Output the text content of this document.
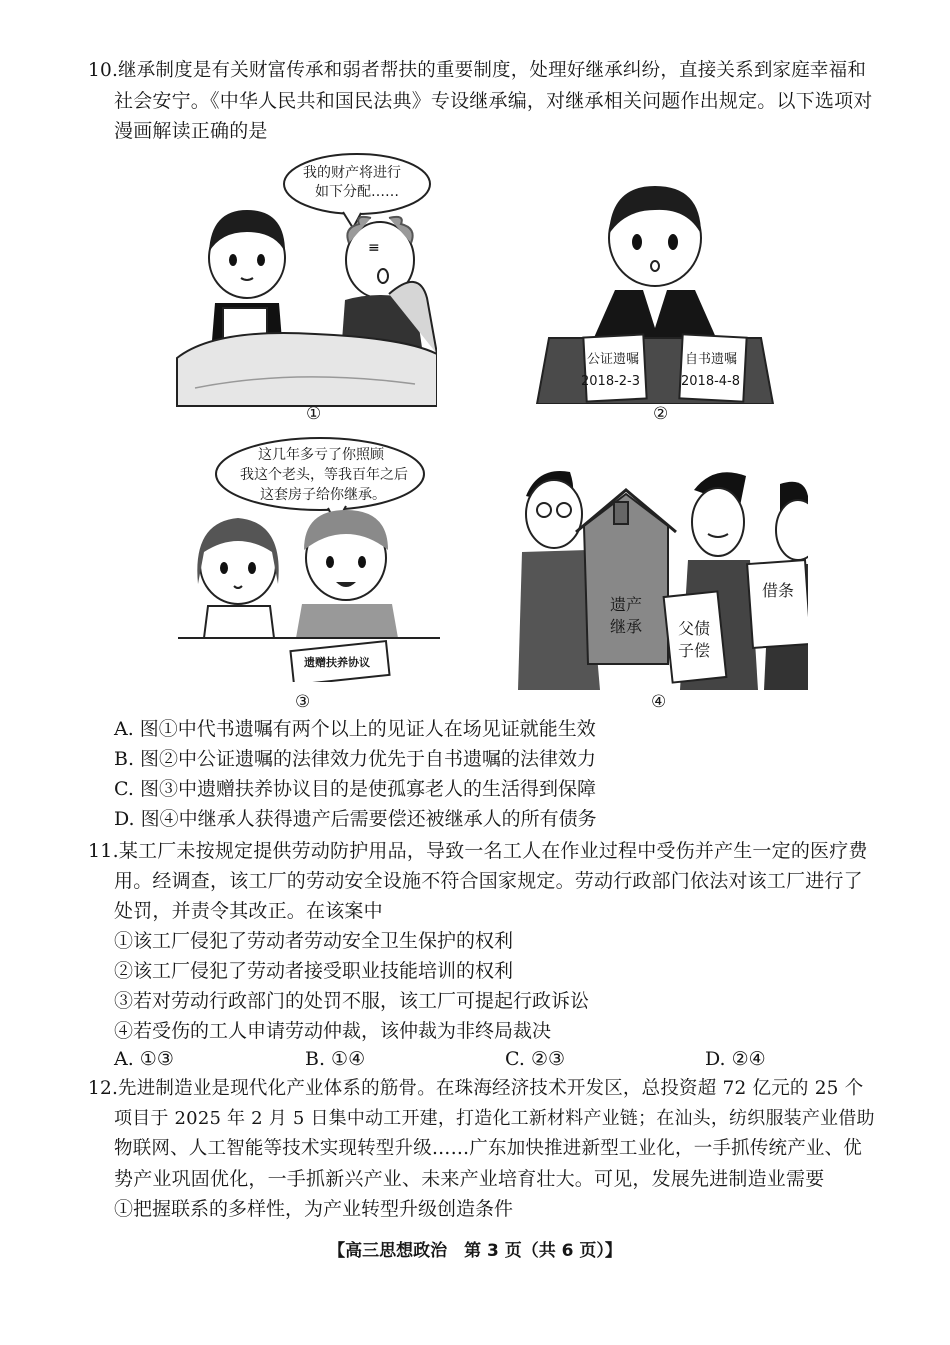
10.继承制度是有关财富传承和弱者帮扶的重要制度，处理好继承纠纷，直接关系到家庭幸福和
社会安宁。《中华人民共和国民法典》专设继承编，对继承相关问题作出规定。以下选项对
漫画解读正确的是
≡
我的财产将进行
如下分配……
①
公证遗嘱
2018-2-3
自书遗嘱
2018-4-8
②
这几年多亏了你照顾
我这个老头，等我百年之后
这套房子给你继承。
遗赠扶养协议
③
遗产
继承 父债
子偿
借条
④
A. 图①中代书遗嘱有两个以上的见证人在场见证就能生效
B. 图②中公证遗嘱的法律效力优先于自书遗嘱的法律效力
C. 图③中遗赠扶养协议目的是使孤寡老人的生活得到保障
D. 图④中继承人获得遗产后需要偿还被继承人的所有债务
11.某工厂未按规定提供劳动防护用品，导致一名工人在作业过程中受伤并产生一定的医疗费
用。经调查，该工厂的劳动安全设施不符合国家规定。劳动行政部门依法对该工厂进行了
处罚，并责令其改正。在该案中
①该工厂侵犯了劳动者劳动安全卫生保护的权利
②该工厂侵犯了劳动者接受职业技能培训的权利
③若对劳动行政部门的处罚不服，该工厂可提起行政诉讼
④若受伤的工人申请劳动仲裁，该仲裁为非终局裁决
A. ①③	B. ①④	C. ②③	D. ②④
12.先进制造业是现代化产业体系的筋骨。在珠海经济技术开发区，总投资超 72 亿元的 25 个
项目于 2025 年 2 月 5 日集中动工开建，打造化工新材料产业链；在汕头，纺织服装产业借助
物联网、人工智能等技术实现转型升级……广东加快推进新型工业化，一手抓传统产业、优
势产业巩固优化，一手抓新兴产业、未来产业培育壮大。可见，发展先进制造业需要
①把握联系的多样性，为产业转型升级创造条件
【高三思想政治　第 3 页（共 6 页）】
